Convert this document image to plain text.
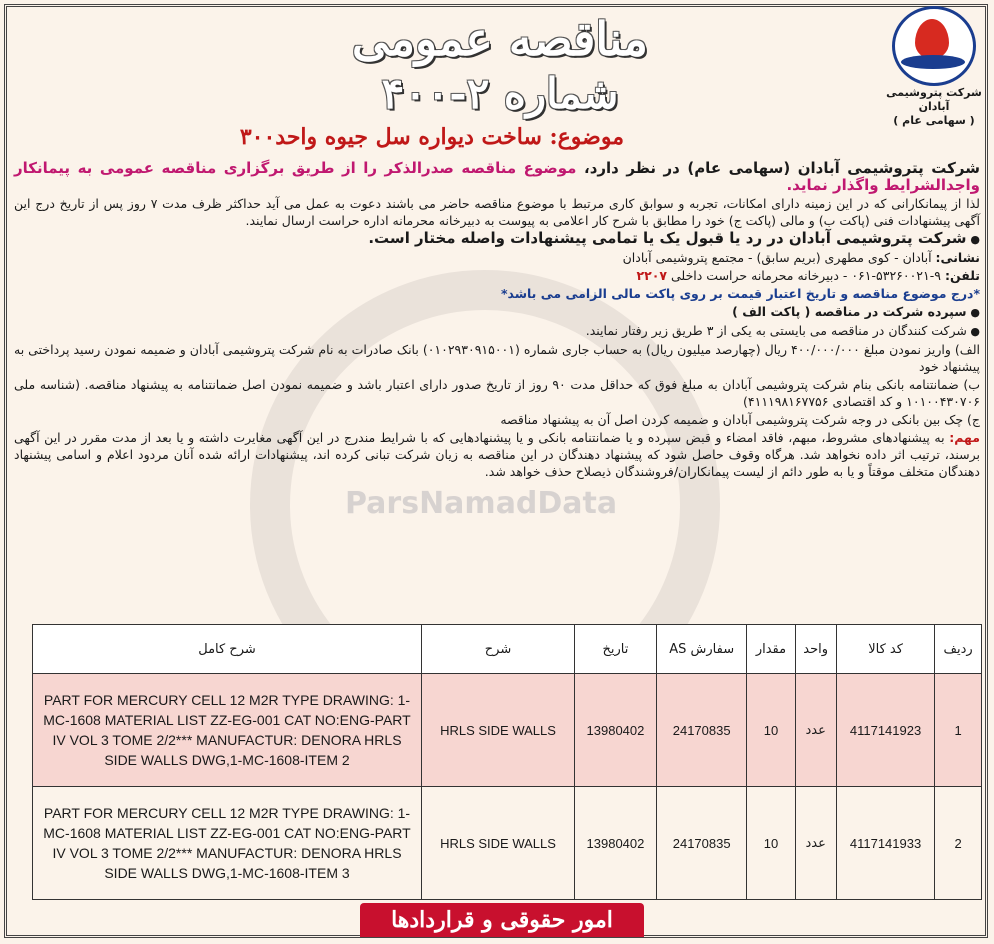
ParsNamadData
مناقصه عمومی
شماره ۲-۴۰۰	شرکت پتروشیمی آبادان
( سهامی عام )
موضوع: ساخت دیواره سل جیوه واحد۳۰۰

شرکت پتروشیمی آبادان (سهامی عام) در نظر دارد، موضوع مناقصه صدرالذکر را از طریق برگزاری مناقصه عمومی به پیمانکار واجدالشرایط واگذار نماید.

لذا از پیمانکارانی که در این زمینه دارای امکانات، تجربه و سوابق کاری مرتبط با موضوع مناقصه حاضر می باشند دعوت به عمل می آید حداکثر ظرف مدت ۷ روز پس از تاریخ درج این آگهی پیشنهادات فنی (پاکت ب) و مالی (پاکت ج) خود را مطابق با شرح کار اعلامی به پیوست به دبیرخانه محرمانه اداره حراست ارسال نمایند.

● شرکت پتروشیمی آبادان در رد یا قبول یک یا تمامی پیشنهادات واصله مختار است.

نشانی: آبادان - کوی مطهری (بریم سابق) - مجتمع پتروشیمی آبادان

تلفن: ۹-۵۳۲۶۰۰۲۱-۰۶۱ - دبیرخانه محرمانه حراست داخلی ۲۲۰۷

*درج موضوع مناقصه و تاریخ اعتبار قیمت بر روی پاکت مالی الزامی می باشد*

● سپرده شرکت در مناقصه ( پاکت الف )

● شرکت کنندگان در مناقصه می بایستی به یکی از ۳ طریق زیر رفتار نمایند.

الف) واریز نمودن مبلغ ۴۰۰/۰۰۰/۰۰۰ ریال (چهارصد میلیون ریال) به حساب جاری شماره (۰۱۰۲۹۳۰۹۱۵۰۰۱) بانک صادرات به نام شرکت پتروشیمی آبادان و ضمیمه نمودن رسید پرداختی به پیشنهاد خود

ب) ضمانتنامه بانکی بنام شرکت پتروشیمی آبادان به مبلغ فوق که حداقل مدت ۹۰ روز از تاریخ صدور دارای اعتبار باشد و ضمیمه نمودن اصل ضمانتنامه به پیشنهاد مناقصه. (شناسه ملی ۱۰۱۰۰۴۳۰۷۰۶ و کد اقتصادی ۴۱۱۱۹۸۱۶۷۷۵۶)

ج) چک بین بانکی در وجه شرکت پتروشیمی آبادان و ضمیمه کردن اصل آن به پیشنهاد مناقصه

مهم: به پیشنهادهای مشروط، مبهم، فاقد امضاء و قبض سپرده و یا ضمانتنامه بانکی و یا پیشنهادهایی که با شرایط مندرج در این آگهی مغایرت داشته و یا بعد از مدت مقرر در این آگهی برسند، ترتیب اثر داده نخواهد شد. هرگاه وقوف حاصل شود که پیشنهاد دهندگان در این مناقصه به زیان شرکت تبانی کرده اند، پیشنهادات ارائه شده آنان مردود اعلام و اسامی پیشنهاد دهندگان متخلف موقتاً و یا به طور دائم از لیست پیمانکاران/فروشندگان ذیصلاح حذف خواهد شد.

ردیف	کد کالا	واحد	مقدار	سفارش AS	تاریخ	شرح	شرح کامل
1	4117141923	عدد	10	24170835	13980402	HRLS SIDE WALLS	PART FOR MERCURY CELL 12 M2R TYPE DRAWING: 1- MC-1608 MATERIAL LIST ZZ-EG-001 CAT NO:ENG-PART IV VOL 3 TOME 2/2*** MANUFACTUR: DENORA HRLS SIDE WALLS DWG,1-MC-1608-ITEM 2
2	4117141933	عدد	10	24170835	13980402	HRLS SIDE WALLS	PART FOR MERCURY CELL 12 M2R TYPE DRAWING: 1- MC-1608 MATERIAL LIST ZZ-EG-001 CAT NO:ENG-PART IV VOL 3 TOME 2/2*** MANUFACTUR: DENORA HRLS SIDE WALLS DWG,1-MC-1608-ITEM 3
امور حقوقی و قراردادها
